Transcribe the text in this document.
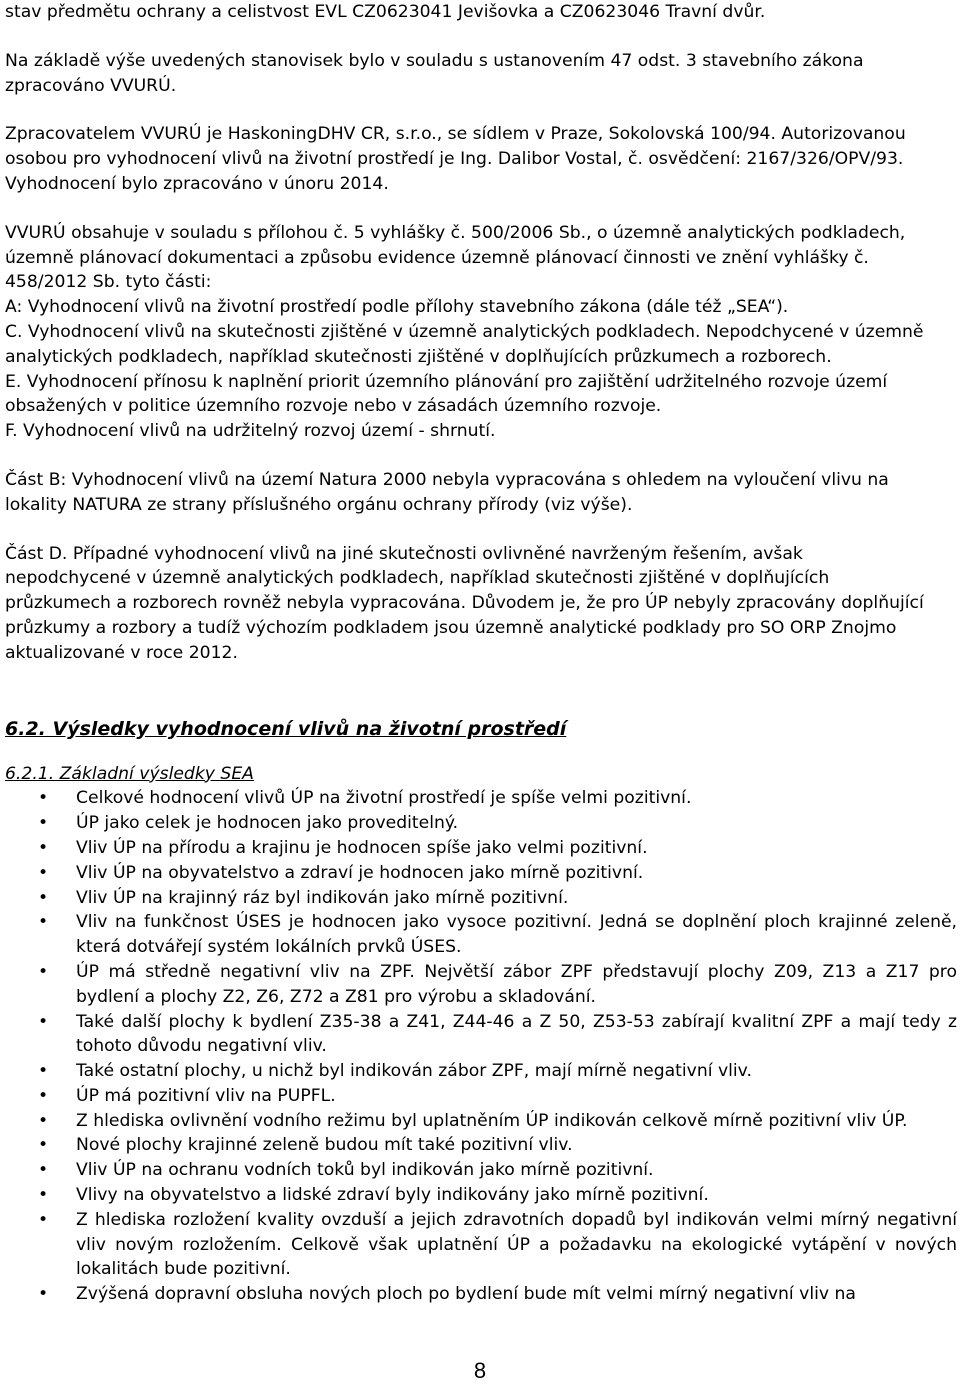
stav předmětu ochrany a celistvost EVL CZ0623041 Jevišovka a CZ0623046 Travní dvůr.

Na základě výše uvedených stanovisek bylo v souladu s ustanovením 47 odst. 3 stavebního zákona

zpracováno VVURÚ.

Zpracovatelem VVURÚ je HaskoningDHV CR, s.r.o., se sídlem v Praze, Sokolovská 100/94. Autorizovanou

osobou pro vyhodnocení vlivů na životní prostředí je Ing. Dalibor Vostal, č. osvědčení: 2167/326/OPV/93.

Vyhodnocení bylo zpracováno v únoru 2014.

VVURÚ obsahuje v souladu s přílohou č. 5 vyhlášky č. 500/2006 Sb., o územně analytických podkladech,

územně plánovací dokumentaci a způsobu evidence územně plánovací činnosti ve znění vyhlášky č.

458/2012 Sb. tyto části:

A: Vyhodnocení vlivů na životní prostředí podle přílohy stavebního zákona (dále též „SEA“).

C. Vyhodnocení vlivů na skutečnosti zjištěné v územně analytických podkladech. Nepodchycené v územně

analytických podkladech, například skutečnosti zjištěné v doplňujících průzkumech a rozborech.

E. Vyhodnocení přínosu k naplnění priorit územního plánování pro zajištění udržitelného rozvoje území

obsažených v politice územního rozvoje nebo v zásadách územního rozvoje.

F. Vyhodnocení vlivů na udržitelný rozvoj území - shrnutí.

Část B: Vyhodnocení vlivů na území Natura 2000 nebyla vypracována s ohledem na vyloučení vlivu na

lokality NATURA ze strany příslušného orgánu ochrany přírody (viz výše).

Část D. Případné vyhodnocení vlivů na jiné skutečnosti ovlivněné navrženým řešením, avšak

nepodchycené v územně analytických podkladech, například skutečnosti zjištěné v doplňujících

průzkumech a rozborech rovněž nebyla vypracována. Důvodem je, že pro ÚP nebyly zpracovány doplňující

průzkumy a rozbory a tudíž výchozím podkladem jsou územně analytické podklady pro SO ORP Znojmo

aktualizované v roce 2012.

6.2. Výsledky vyhodnocení vlivů na životní prostředí

6.2.1. Základní výsledky SEA

• Celkové hodnocení vlivů ÚP na životní prostředí je spíše velmi pozitivní.
• ÚP jako celek je hodnocen jako proveditelný.
• Vliv ÚP na přírodu a krajinu je hodnocen spíše jako velmi pozitivní.
• Vliv ÚP na obyvatelstvo a zdraví je hodnocen jako mírně pozitivní.
• Vliv ÚP na krajinný ráz byl indikován jako mírně pozitivní.
• Vliv na funkčnost ÚSES je hodnocen jako vysoce pozitivní. Jedná se doplnění ploch krajinné zeleně, která dotvářejí systém lokálních prvků ÚSES.
• ÚP má středně negativní vliv na ZPF. Největší zábor ZPF představují plochy Z09, Z13 a Z17 pro bydlení a plochy Z2, Z6, Z72 a Z81 pro výrobu a skladování.
• Také další plochy k bydlení Z35-38 a Z41, Z44-46 a Z 50, Z53-53 zabírají kvalitní ZPF a mají tedy z tohoto důvodu negativní vliv.
• Také ostatní plochy, u nichž byl indikován zábor ZPF, mají mírně negativní vliv.
• ÚP má pozitivní vliv na PUPFL.
• Z hlediska ovlivnění vodního režimu byl uplatněním ÚP indikován celkově mírně pozitivní vliv ÚP.
• Nové plochy krajinné zeleně budou mít také pozitivní vliv.
• Vliv ÚP na ochranu vodních toků byl indikován jako mírně pozitivní.
• Vlivy na obyvatelstvo a lidské zdraví byly indikovány jako mírně pozitivní.
• Z hlediska rozložení kvality ovzduší a jejich zdravotních dopadů byl indikován velmi mírný negativní vliv novým rozložením. Celkově však uplatnění ÚP a požadavku na ekologické vytápění v nových lokalitách bude pozitivní.
• Zvýšená dopravní obsluha nových ploch po bydlení bude mít velmi mírný negativní vliv na
8
